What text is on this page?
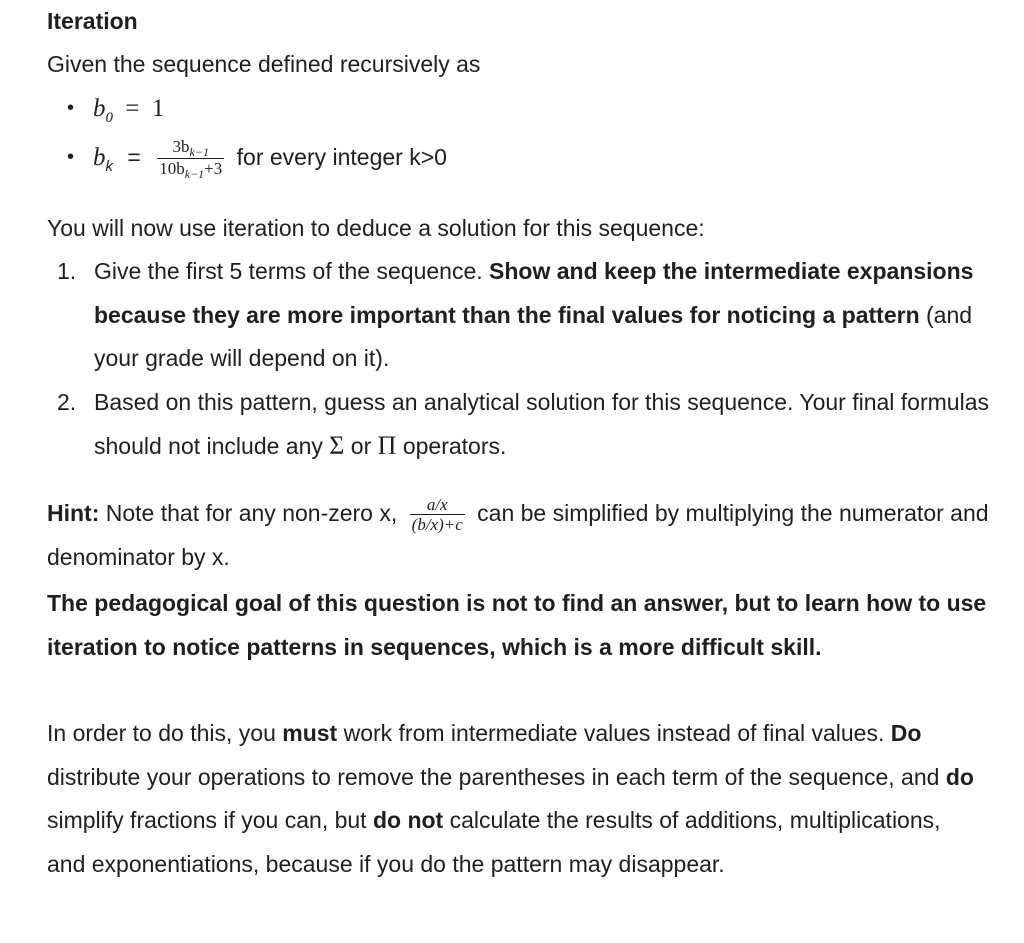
Iteration
Given the sequence defined recursively as
• $b_0 = 1$
• $b_k = \frac{3b_{k-1}}{10b_{k-1}+3}$ for every integer k>0
You will now use iteration to deduce a solution for this sequence:
1. Give the first 5 terms of the sequence. Show and keep the intermediate expansions because they are more important than the final values for noticing a pattern (and your grade will depend on it).
2. Based on this pattern, guess an analytical solution for this sequence. Your final formulas should not include any Σ or Π operators.
Hint: Note that for any non-zero x, $\frac{a/x}{(b/x)+c}$ can be simplified by multiplying the numerator and denominator by x.
The pedagogical goal of this question is not to find an answer, but to learn how to use iteration to notice patterns in sequences, which is a more difficult skill.
In order to do this, you must work from intermediate values instead of final values. Do distribute your operations to remove the parentheses in each term of the sequence, and do simplify fractions if you can, but do not calculate the results of additions, multiplications, and exponentiations, because if you do the pattern may disappear.
